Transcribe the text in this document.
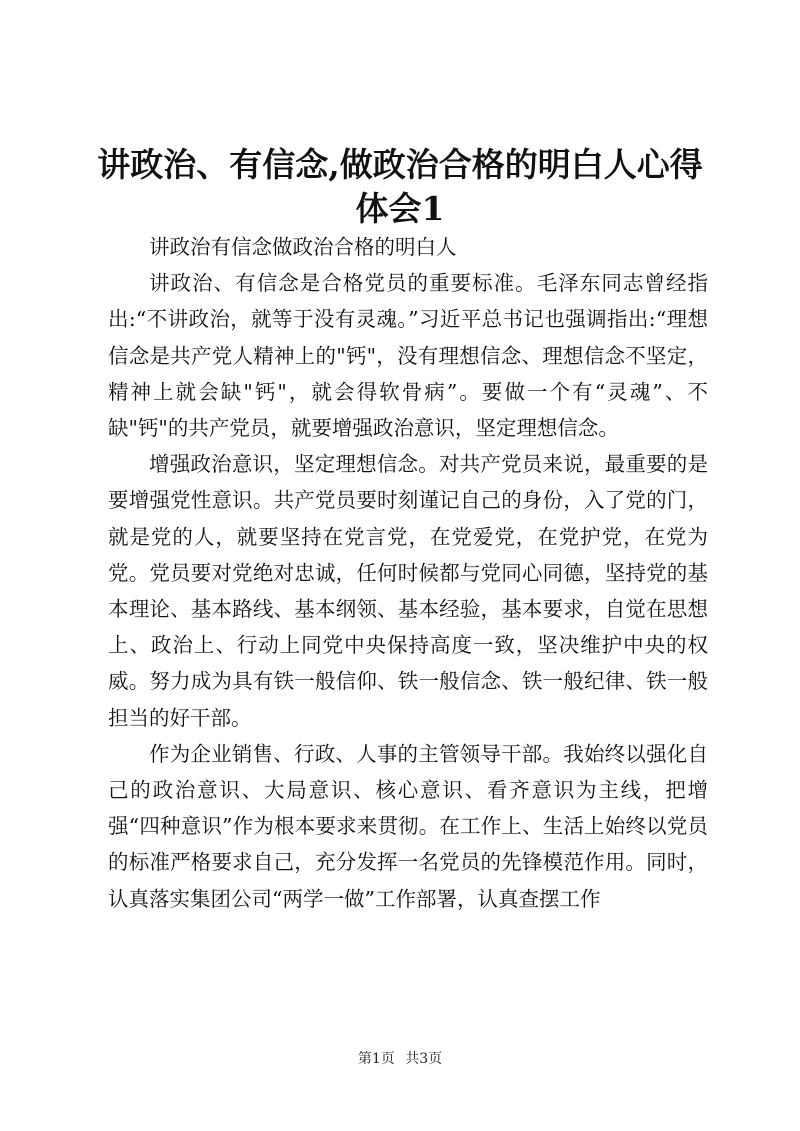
讲政治、有信念,做政治合格的明白人心得体会1

讲政治有信念做政治合格的明白人

讲政治、有信念是合格党员的重要标准。毛泽东同志曾经指出:“不讲政治，就等于没有灵魂。”习近平总书记也强调指出:“理想信念是共产党人精神上的"钙"，没有理想信念、理想信念不坚定，精神上就会缺"钙"，就会得软骨病”。要做一个有“灵魂”、不缺"钙"的共产党员，就要增强政治意识，坚定理想信念。

增强政治意识，坚定理想信念。对共产党员来说，最重要的是要增强党性意识。共产党员要时刻谨记自己的身份，入了党的门，就是党的人，就要坚持在党言党，在党爱党，在党护党，在党为党。党员要对党绝对忠诚，任何时候都与党同心同德，坚持党的基本理论、基本路线、基本纲领、基本经验，基本要求，自觉在思想上、政治上、行动上同党中央保持高度一致，坚决维护中央的权威。努力成为具有铁一般信仰、铁一般信念、铁一般纪律、铁一般担当的好干部。

作为企业销售、行政、人事的主管领导干部。我始终以强化自己的政治意识、大局意识、核心意识、看齐意识为主线，把增强“四种意识”作为根本要求来贯彻。在工作上、生活上始终以党员的标准严格要求自己，充分发挥一名党员的先锋模范作用。同时，认真落实集团公司“两学一做”工作部署，认真查摆工作

第1页 共3页
